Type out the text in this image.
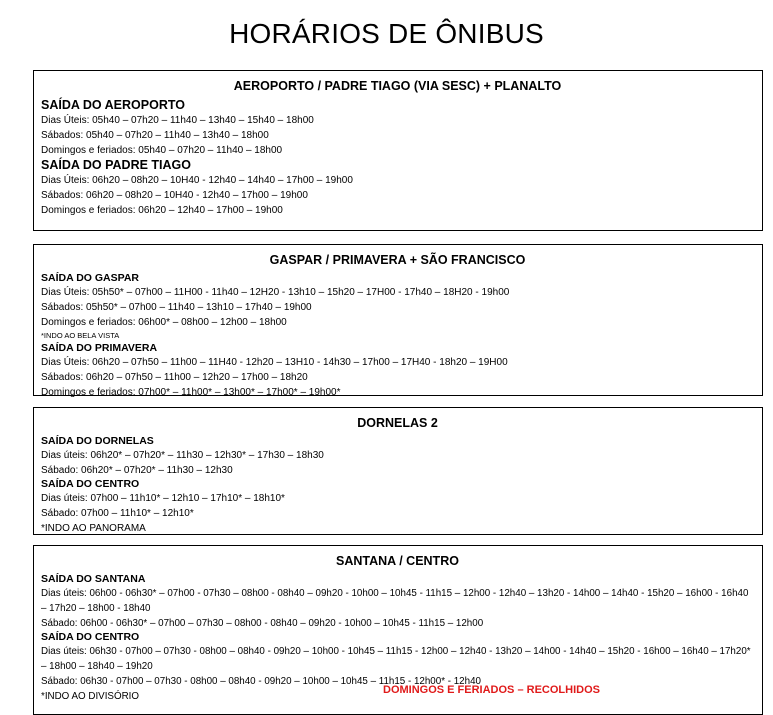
HORÁRIOS DE ÔNIBUS
AEROPORTO / PADRE TIAGO (VIA SESC) + PLANALTO
SAÍDA DO AEROPORTO
Dias Úteis: 05h40 – 07h20 – 11h40 – 13h40 – 15h40 – 18h00
Sábados: 05h40 – 07h20 – 11h40 – 13h40 – 18h00
Domingos e feriados: 05h40 – 07h20 – 11h40 – 18h00
SAÍDA DO PADRE TIAGO
Dias Úteis: 06h20 – 08h20 – 10H40 - 12h40 – 14h40 – 17h00 – 19h00
Sábados: 06h20 – 08h20 – 10H40 - 12h40 – 17h00 – 19h00
Domingos e feriados: 06h20 – 12h40 – 17h00 – 19h00
GASPAR / PRIMAVERA + SÃO FRANCISCO
SAÍDA DO GASPAR
Dias Úteis: 05h50* – 07h00 – 11H00 - 11h40 – 12H20 - 13h10 – 15h20 – 17H00 - 17h40 – 18H20 - 19h00
Sábados: 05h50* – 07h00 – 11h40 – 13h10 – 17h40 – 19h00
Domingos e feriados: 06h00* – 08h00 – 12h00 – 18h00
*INDO AO BELA VISTA
SAÍDA DO PRIMAVERA
Dias Úteis: 06h20 – 07h50 – 11h00 – 11H40 - 12h20 – 13H10 - 14h30 – 17h00 – 17H40 - 18h20 – 19H00
Sábados: 06h20 – 07h50 – 11h00 – 12h20 – 17h00 – 18h20
Domingos e feriados: 07h00* – 11h00* – 13h00* – 17h00* – 19h00*
DORNELAS 2
SAÍDA DO DORNELAS
Dias úteis: 06h20* – 07h20* – 11h30 – 12h30* – 17h30 – 18h30
Sábado: 06h20* – 07h20* – 11h30 – 12h30
SAÍDA DO CENTRO
Dias úteis: 07h00 – 11h10* – 12h10 – 17h10* – 18h10*
Sábado: 07h00 – 11h10* – 12h10*
*INDO AO PANORAMA
SANTANA / CENTRO
SAÍDA DO SANTANA
Dias úteis: 06h00 - 06h30* – 07h00 - 07h30 – 08h00 - 08h40 – 09h20 - 10h00 – 10h45 - 11h15 – 12h00 - 12h40 – 13h20 - 14h00 – 14h40 - 15h20 – 16h00 - 16h40 – 17h20 – 18h00 - 18h40
Sábado: 06h00 - 06h30* – 07h00 – 07h30 – 08h00 - 08h40 – 09h20 - 10h00 – 10h45 - 11h15 – 12h00
SAÍDA DO CENTRO
Dias úteis: 06h30 - 07h00 – 07h30 - 08h00 – 08h40 - 09h20 – 10h00 - 10h45 – 11h15 - 12h00 – 12h40 - 13h20 – 14h00 - 14h40 – 15h20 - 16h00 – 16h40 – 17h20* – 18h00 – 18h40 – 19h20
Sábado: 06h30 - 07h00 – 07h30 - 08h00 – 08h40 - 09h20 – 10h00 – 10h45 – 11h15 - 12h00* - 12h40
*INDO AO DIVISÓRIO
DOMINGOS E FERIADOS – RECOLHIDOS
